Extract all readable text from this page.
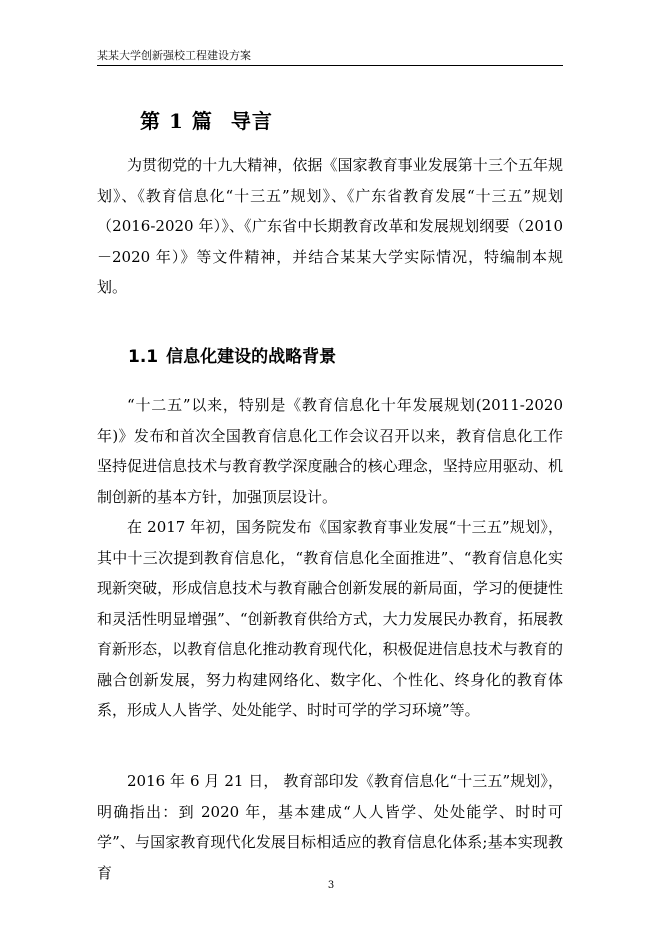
某某大学创新强校工程建设方案
第 1 篇 导言

为贯彻党的十九大精神，依据《国家教育事业发展第十三个五年规划》、《教育信息化“十三五”规划》、《广东省教育发展“十三五”规划（2016-2020 年）》、《广东省中长期教育改革和发展规划纲要（2010－2020 年）》等文件精神，并结合某某大学实际情况，特编制本规划。

1.1 信息化建设的战略背景

“十二五”以来，特别是《教育信息化十年发展规划(2011-2020 年)》发布和首次全国教育信息化工作会议召开以来，教育信息化工作坚持促进信息技术与教育教学深度融合的核心理念，坚持应用驱动、机制创新的基本方针，加强顶层设计。

在 2017 年初，国务院发布《国家教育事业发展“十三五”规划》，其中十三次提到教育信息化，“教育信息化全面推进”、“教育信息化实现新突破，形成信息技术与教育融合创新发展的新局面，学习的便捷性和灵活性明显增强”、“创新教育供给方式，大力发展民办教育，拓展教育新形态，以教育信息化推动教育现代化，积极促进信息技术与教育的融合创新发展，努力构建网络化、数字化、个性化、终身化的教育体系，形成人人皆学、处处能学、时时可学的学习环境”等。

2016 年 6 月 21 日， 教育部印发《教育信息化“十三五”规划》，明确指出：到 2020 年，基本建成“人人皆学、处处能学、时时可学”、与国家教育现代化发展目标相适应的教育信息化体系;基本实现教育

3
